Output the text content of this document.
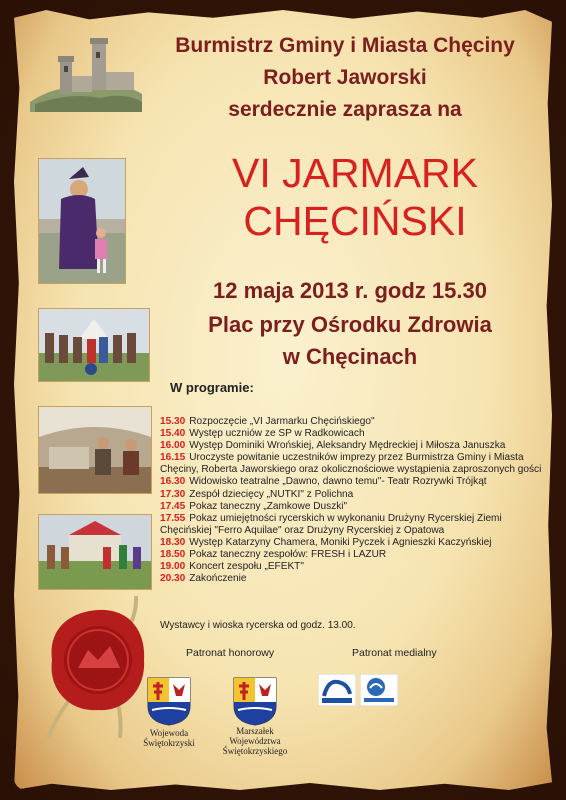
Burmistrz Gminy i Miasta Chęciny
Robert Jaworski
serdecznie zaprasza na
VI JARMARK
CHĘCIŃSKI
12 maja 2013 r. godz 15.30
Plac przy Ośrodku Zdrowia
w Chęcinach
W programie:
15.30 Rozpoczęcie „VI Jarmarku Chęcińskiego"
15.40 Występ uczniów ze SP w Radkowicach
16.00 Występ Dominiki Wrońskiej, Aleksandry Mędreckiej i Miłosza Januszka
16.15 Uroczyste powitanie uczestników imprezy przez Burmistrza Gminy i Miasta Chęciny, Roberta Jaworskiego oraz okolicznościowe wystąpienia zaproszonych gości
16.30 Widowisko teatralne „Dawno, dawno temu"- Teatr Rozrywki Trójkąt
17.30 Zespół dziecięcy „NUTKI" z Polichna
17.45 Pokaz taneczny „Zamkowe Duszki"
17.55 Pokaz umiejętności rycerskich w wykonaniu Drużyny Rycerskiej Ziemi Chęcińskiej "Ferro Aquilae" oraz Drużyny Rycerskiej z Opatowa
18.30 Występ Katarzyny Chamera, Moniki Pyczek i Agnieszki Kaczyńskiej
18.50 Pokaz taneczny zespołów: FRESH i LAZUR
19.00 Koncert zespołu „EFEKT"
20.30 Zakończenie
Wystawcy i wioska rycerska od godz. 13.00.
Patronat honorowy	Patronat medialny
Wojewoda
Świętokrzyski
Marszałek
Województwa
Świętokrzyskiego
